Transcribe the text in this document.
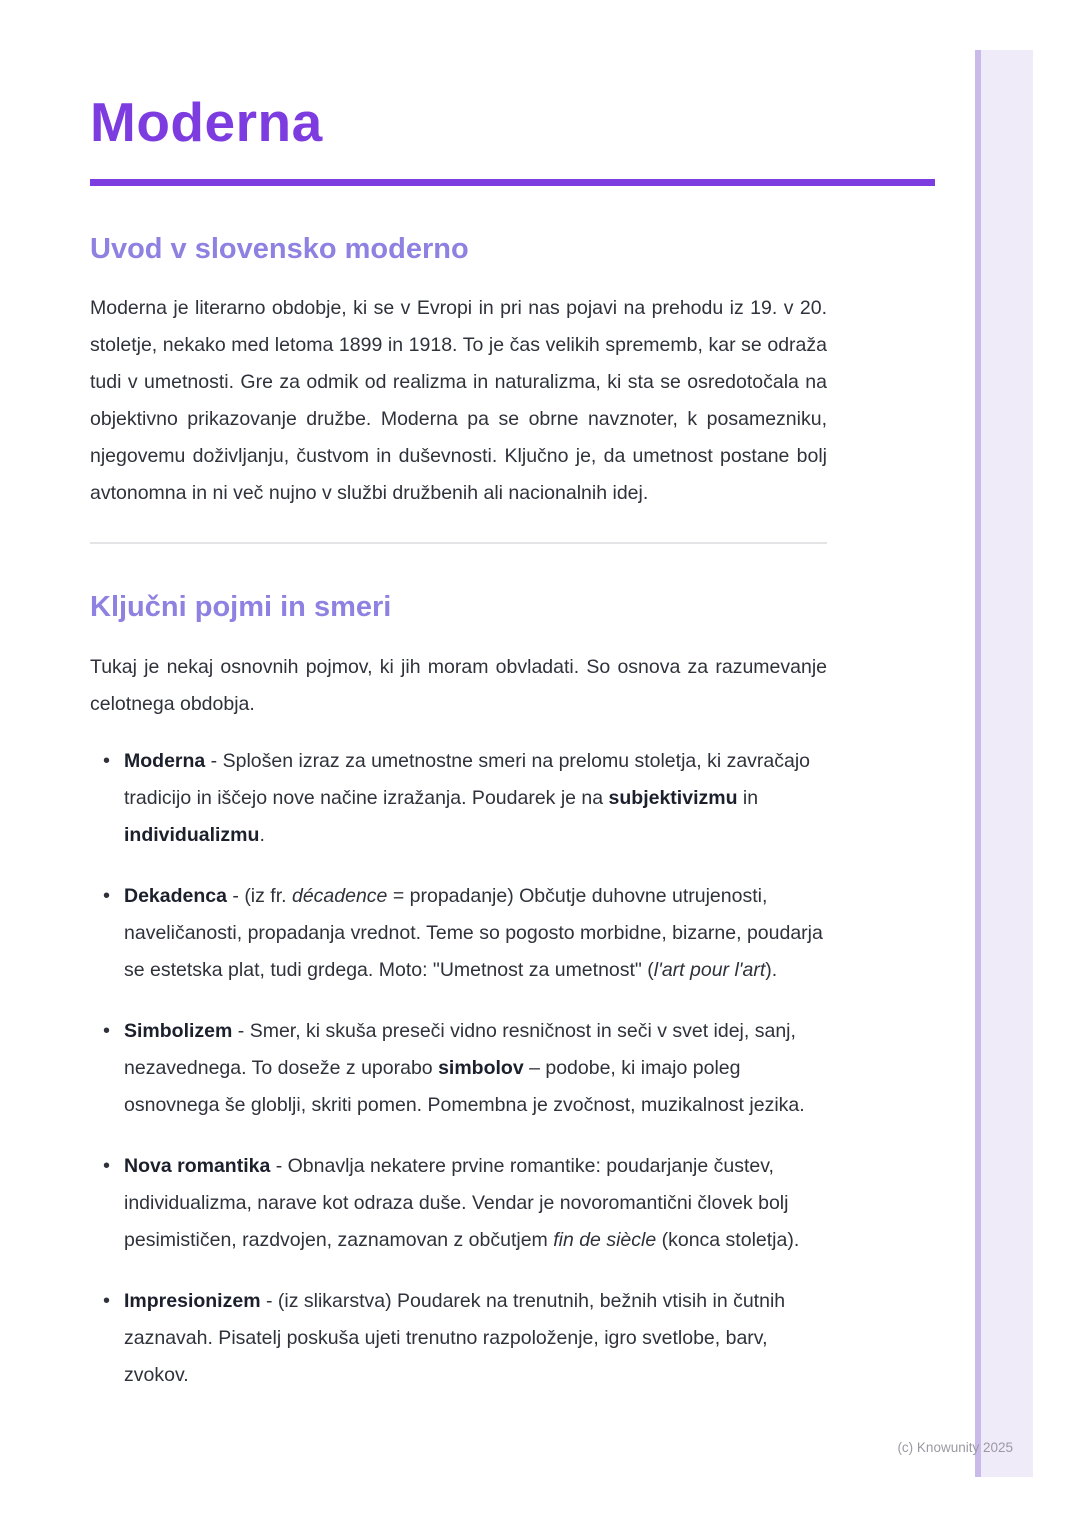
Moderna
Uvod v slovensko moderno

Moderna je literarno obdobje, ki se v Evropi in pri nas pojavi na prehodu iz 19. v 20. stoletje, nekako med letoma 1899 in 1918. To je čas velikih sprememb, kar se odraža tudi v umetnosti. Gre za odmik od realizma in naturalizma, ki sta se osredotočala na objektivno prikazovanje družbe. Moderna pa se obrne navznoter, k posamezniku, njegovemu doživljanju, čustvom in duševnosti. Ključno je, da umetnost postane bolj avtonomna in ni več nujno v službi družbenih ali nacionalnih idej.

Ključni pojmi in smeri

Tukaj je nekaj osnovnih pojmov, ki jih moram obvladati. So osnova za razumevanje celotnega obdobja.

• Moderna - Splošen izraz za umetnostne smeri na prelomu stoletja, ki zavračajo tradicijo in iščejo nove načine izražanja. Poudarek je na subjektivizmu in individualizmu.
• Dekadenca - (iz fr. décadence = propadanje) Občutje duhovne utrujenosti, naveličanosti, propadanja vrednot. Teme so pogosto morbidne, bizarne, poudarja se estetska plat, tudi grdega. Moto: "Umetnost za umetnost" (l'art pour l'art).
• Simbolizem - Smer, ki skuša preseči vidno resničnost in seči v svet idej, sanj, nezavednega. To doseže z uporabo simbolov – podobe, ki imajo poleg osnovnega še globlji, skriti pomen. Pomembna je zvočnost, muzikalnost jezika.
• Nova romantika - Obnavlja nekatere prvine romantike: poudarjanje čustev, individualizma, narave kot odraza duše. Vendar je novoromantični človek bolj pesimističen, razdvojen, zaznamovan z občutjem fin de siècle (konca stoletja).
• Impresionizem - (iz slikarstva) Poudarek na trenutnih, bežnih vtisih in čutnih zaznavah. Pisatelj poskuša ujeti trenutno razpoloženje, igro svetlobe, barv, zvokov.
(c) Knowunity 2025
